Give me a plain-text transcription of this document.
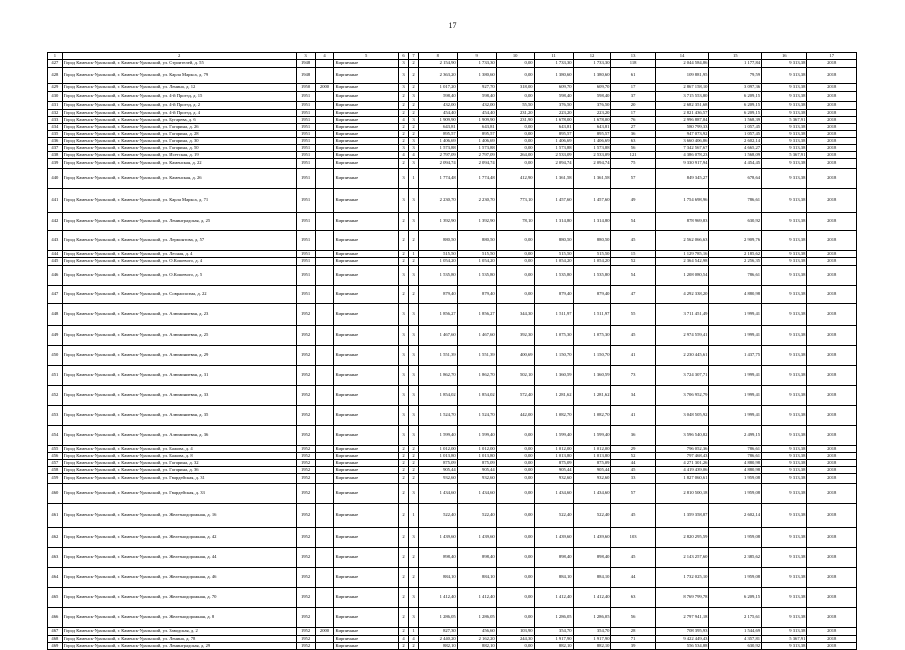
17
1	2	3	4	5	6	7	8	9	10	11	12	13	14	15	16	17
427	Город Каменск-Уральский, г. Каменск-Уральский, ул. Строителей, д. 55	1948		Кирпичные	3	2	2 154,90	1 733,30	0,00	1 733,30	1 733,30	118	2 044 584,86	1 177,84	9 313,38	2018
428	Город Каменск-Уральский, г. Каменск-Уральский, ул. Карла Маркса, д. 79	1948		Кирпичные	3	2	2 363,20	1 380,60	0,00	1 380,60	1 380,60	61	109 881,95	79,59	9 313,38	2018
429	Город Каменск-Уральский, г. Каменск-Уральский, ул. Ленина, д. 12	1950	2000	Кирпичные	3	2	1 017,20	927,70	318,00	609,70	609,70	17	2 867 158,10	3 097,36	9 313,38	2018
430	Город Каменск-Уральский, г. Каменск-Уральский, ул. 4-й Проезд, д. 15	1951		Кирпичные	2	3	598,40	598,40	0,00	598,40	598,40	37	3 715 553,80	6 209,15	9 313,38	2018
431	Город Каменск-Уральский, г. Каменск-Уральский, ул. 4-й Проезд, д. 2	1951		Кирпичные	2	2	432,00	432,00	55,50	376,50	376,50	20	2 682 351,68	6 209,15	9 313,38	2018
432	Город Каменск-Уральский, г. Каменск-Уральский, ул. 4-й Проезд, д. 4	1951		Кирпичные	2	2	454,40	454,40	231,20	223,20	223,20	17	2 821 436,57	6 209,15	9 313,38	2018
433	Город Каменск-Уральский, г. Каменск-Уральский, ул. Бугарева, д. 6	1951		Кирпичные	4	3	1 909,90	1 909,90	231,90	1 678,00	1 678,00	76	2 996 887,84	1 568,39	5 367,91	2018
434	Город Каменск-Уральский, г. Каменск-Уральский, ул. Гагарина, д. 26	1951		Кирпичные	2	2	643,81	643,81	0,00	643,81	643,81	27	580 799,33	1 057,45	9 313,38	2018
435	Город Каменск-Уральский, г. Каменск-Уральский, ул. Гагарина, д. 28	1951		Кирпичные	2	2	895,57	895,57	0,00	895,57	895,57	36	947 073,92	1 057,45	9 313,38	2018
436	Город Каменск-Уральский, г. Каменск-Уральский, ул. Гагарина, д. 30	1951		Кирпичные	2	3	1 406,69	1 406,69	0,00	1 406,69	1 406,69	63	3 660 406,86	2 602,14	9 313,38	2018
437	Город Каменск-Уральский, г. Каменск-Уральский, ул. Гагарина, д. 50	1951		Кирпичные	3	3	1 573,88	1 573,88	0,00	1 573,88	1 573,88	56	7 342 567,67	4 665,27	9 313,38	2018
438	Город Каменск-Уральский, г. Каменск-Уральский, ул. Исетская, д. 19	1951		Кирпичные	4	4	2 797,09	2 797,09	264,00	2 533,09	2 533,09	121	4 386 078,23	1 568,09	5 367,91	2018
439	Город Каменск-Уральский, г. Каменск-Уральский, ул. Каменская, д. 22	1951		Кирпичные	2	3	2 094,74	2 094,74	0,00	2 094,74	2 094,74	75	9 330 917,94	4 454,45	9 313,38	2018
440	Город Каменск-Уральский, г. Каменск-Уральский, ул. Каменская, д. 26	1951		Кирпичные	3	1	1 774,48	1 774,48	412,90	1 361,58	1 361,58	57	849 345,27	678,64	9 313,38	2018
441	Город Каменск-Уральский, г. Каменск-Уральский, ул. Карла Маркса, д. 71	1951		Кирпичные	3	3	2 230,70	2 230,70	773,10	1 457,60	1 457,60	49	1 754 698,96	786,61	9 313,38	2018
442	Город Каменск-Уральский, г. Каменск-Уральский, ул. Ленинградская, д. 25	1951		Кирпичные	2	3	1 392,90	1 392,90	78,10	1 314,80	1 314,80	54	878 969,83	630,92	9 313,38	2018
443	Город Каменск-Уральский, г. Каменск-Уральский, ул. Лермонтова, д. 57	1951		Кирпичные	2	2	880,50	880,50	0,00	880,50	880,50	45	2 562 066,63	2 909,76	9 313,38	2018
444	Город Каменск-Уральский, г. Каменск-Уральский, ул. Лесная, д. 4	1951		Кирпичные	2	1	515,50	515,50	0,00	515,50	515,50	15	1 129 785,16	2 185,62	9 313,38	2018
445	Город Каменск-Уральский, г. Каменск-Уральский, ул. О.Кошевого, д. 4	1951		Кирпичные	2	2	1 054,20	1 054,20	0,00	1 054,20	1 054,20	52	2 364 542,98	2 256,35	9 313,38	2018
446	Город Каменск-Уральский, г. Каменск-Уральский, ул. О.Кошевого, д. 5	1951		Кирпичные	3	3	1 535,80	1 535,80	0,00	1 535,80	1 535,80	54	1 208 080,54	786,61	9 313,38	2018
447	Город Каменск-Уральский, г. Каменск-Уральский, ул. Совраопоэма, д. 22	1951		Кирпичные	2	2	879,40	879,40	0,00	879,40	879,40	47	4 292 338,20	4 880,98	9 313,38	2018
448	Город Каменск-Уральский, г. Каменск-Уральский, ул. Алюминиевая, д. 23	1952		Кирпичные	3	3	1 856,27	1 856,27	344,30	1 511,97	1 511,97	55	3 711 451,49	1 999,41	9 313,38	2018
449	Город Каменск-Уральский, г. Каменск-Уральский, ул. Алюминиевая, д. 25	1952		Кирпичные	3	3	1 467,60	1 467,60	392,30	1 075,30	1 075,30	45	2 974 559,41	1 999,41	9 313,38	2018
450	Город Каменск-Уральский, г. Каменск-Уральский, ул. Алюминиевая, д. 29	1952		Кирпичные	3	3	1 551,39	1 551,39	400,69	1 150,70	1 150,70	41	2 230 445,61	1 437,75	9 313,38	2018
451	Город Каменск-Уральский, г. Каменск-Уральский, ул. Алюминиевая, д. 31	1952		Кирпичные	3	3	1 862,70	1 862,70	502,10	1 360,59	1 360,59	73	3 724 307,71	1 999,41	9 313,38	2018
452	Город Каменск-Уральский, г. Каменск-Уральский, ул. Алюминиевая, д. 33	1952		Кирпичные	3	3	1 854,02	1 854,02	572,40	1 281,62	1 281,62	34	3 706 952,79	1 999,41	9 313,38	2018
453	Город Каменск-Уральский, г. Каменск-Уральский, ул. Алюминиевая, д. 35	1952		Кирпичные	3	3	1 524,70	1 524,70	442,00	1 082,70	1 082,70	41	3 048 505,92	1 999,41	9 313,38	2018
454	Город Каменск-Уральский, г. Каменск-Уральский, ул. Алюминиевая, д. 36	1952		Кирпичные	3	3	1 599,40	1 599,40	0,00	1 599,40	1 599,40	36	3 596 540,82	2 499,15	9 313,38	2018
455	Город Каменск-Уральский, г. Каменск-Уральский, ул. Бажова, д. 4	1952		Кирпичные	2	2	1 012,00	1 012,00	0,00	1 012,00	1 012,00	29	796 052,36	786,61	9 313,38	2018
456	Город Каменск-Уральский, г. Каменск-Уральский, ул. Бажова, д. 8	1952		Кирпичные	2	2	1 013,80	1 013,80	0,00	1 013,80	1 013,80	52	797 468,43	786,61	9 313,38	2018
457	Город Каменск-Уральский, г. Каменск-Уральский, ул. Гагарина, д. 32	1952		Кирпичные	2	2	875,09	875,09	0,00	875,09	875,09	44	4 271 301,26	4 880,98	9 313,38	2018
458	Город Каменск-Уральский, г. Каменск-Уральский, ул. Гагарина, д. 36	1952		Кирпичные	2	2	905,44	905,44	0,00	905,44	905,44	45	4 419 439,06	4 880,98	9 313,38	2018
459	Город Каменск-Уральский, г. Каменск-Уральский, ул. Гвардейская, д. 31	1952		Кирпичные	2	2	932,60	932,60	0,00	932,60	932,60	33	1 827 060,61	1 959,08	9 313,38	2018
460	Город Каменск-Уральский, г. Каменск-Уральский, ул. Гвардейская, д. 33	1952		Кирпичные	2	3	1 434,60	1 434,60	0,00	1 434,60	1 434,60	57	2 810 500,18	1 959,08	9 313,38	2018
461	Город Каменск-Уральский, г. Каменск-Уральский, ул. Железнодорожная, д. 16	1952		Кирпичные	2	1	522,40	522,40	0,00	522,40	522,40	45	1 359 358,87	2 602,14	9 313,38	2018
462	Город Каменск-Уральский, г. Каменск-Уральский, ул. Железнодорожная, д. 42	1952		Кирпичные	2	3	1 439,60	1 439,60	0,00	1 439,60	1 439,60	103	2 820 295,59	1 959,08	9 313,38	2018
463	Город Каменск-Уральский, г. Каменск-Уральский, ул. Железнодорожная, д. 44	1952		Кирпичные	2	2	898,40	898,40	0,00	898,40	898,40	45	2 143 257,60	2 385,62	9 313,38	2018
464	Город Каменск-Уральский, г. Каменск-Уральский, ул. Железнодорожная, д. 46	1952		Кирпичные	2	2	884,10	884,10	0,00	884,10	884,10	44	1 732 025,10	1 959,08	9 313,38	2018
465	Город Каменск-Уральский, г. Каменск-Уральский, ул. Железнодорожная, д. 70	1952		Кирпичные	2	3	1 412,40	1 412,40	0,00	1 412,40	1 412,40	63	8 769 799,78	6 209,15	9 313,38	2018
466	Город Каменск-Уральский, г. Каменск-Уральский, ул. Железнодорожная, д. 8	1952		Кирпичные	2	3	1 286,05	1 286,05	0,00	1 286,05	1 286,05	56	2 797 941,18	2 175,61	9 313,38	2018
467	Город Каменск-Уральский, г. Каменск-Уральский, ул. Заводская, д. 2	1952	2000	Кирпичные	2	1	827,30	456,60	103,90	354,70	354,70	28	708 395,93	1 544,69	9 313,38	2018
468	Город Каменск-Уральский, г. Каменск-Уральский, ул. Ленина, д. 78	1952		Кирпичные	4	4	2 440,20	2 162,20	244,30	1 917,90	1 917,90	71	9 422 449,43	4 357,81	5 367,91	2018
469	Город Каменск-Уральский, г. Каменск-Уральский, ул. Ленинградская, д. 29	1952		Кирпичные	2	2	882,10	882,10	0,00	882,10	882,10	39	556 534,88	630,92	9 313,38	2018
